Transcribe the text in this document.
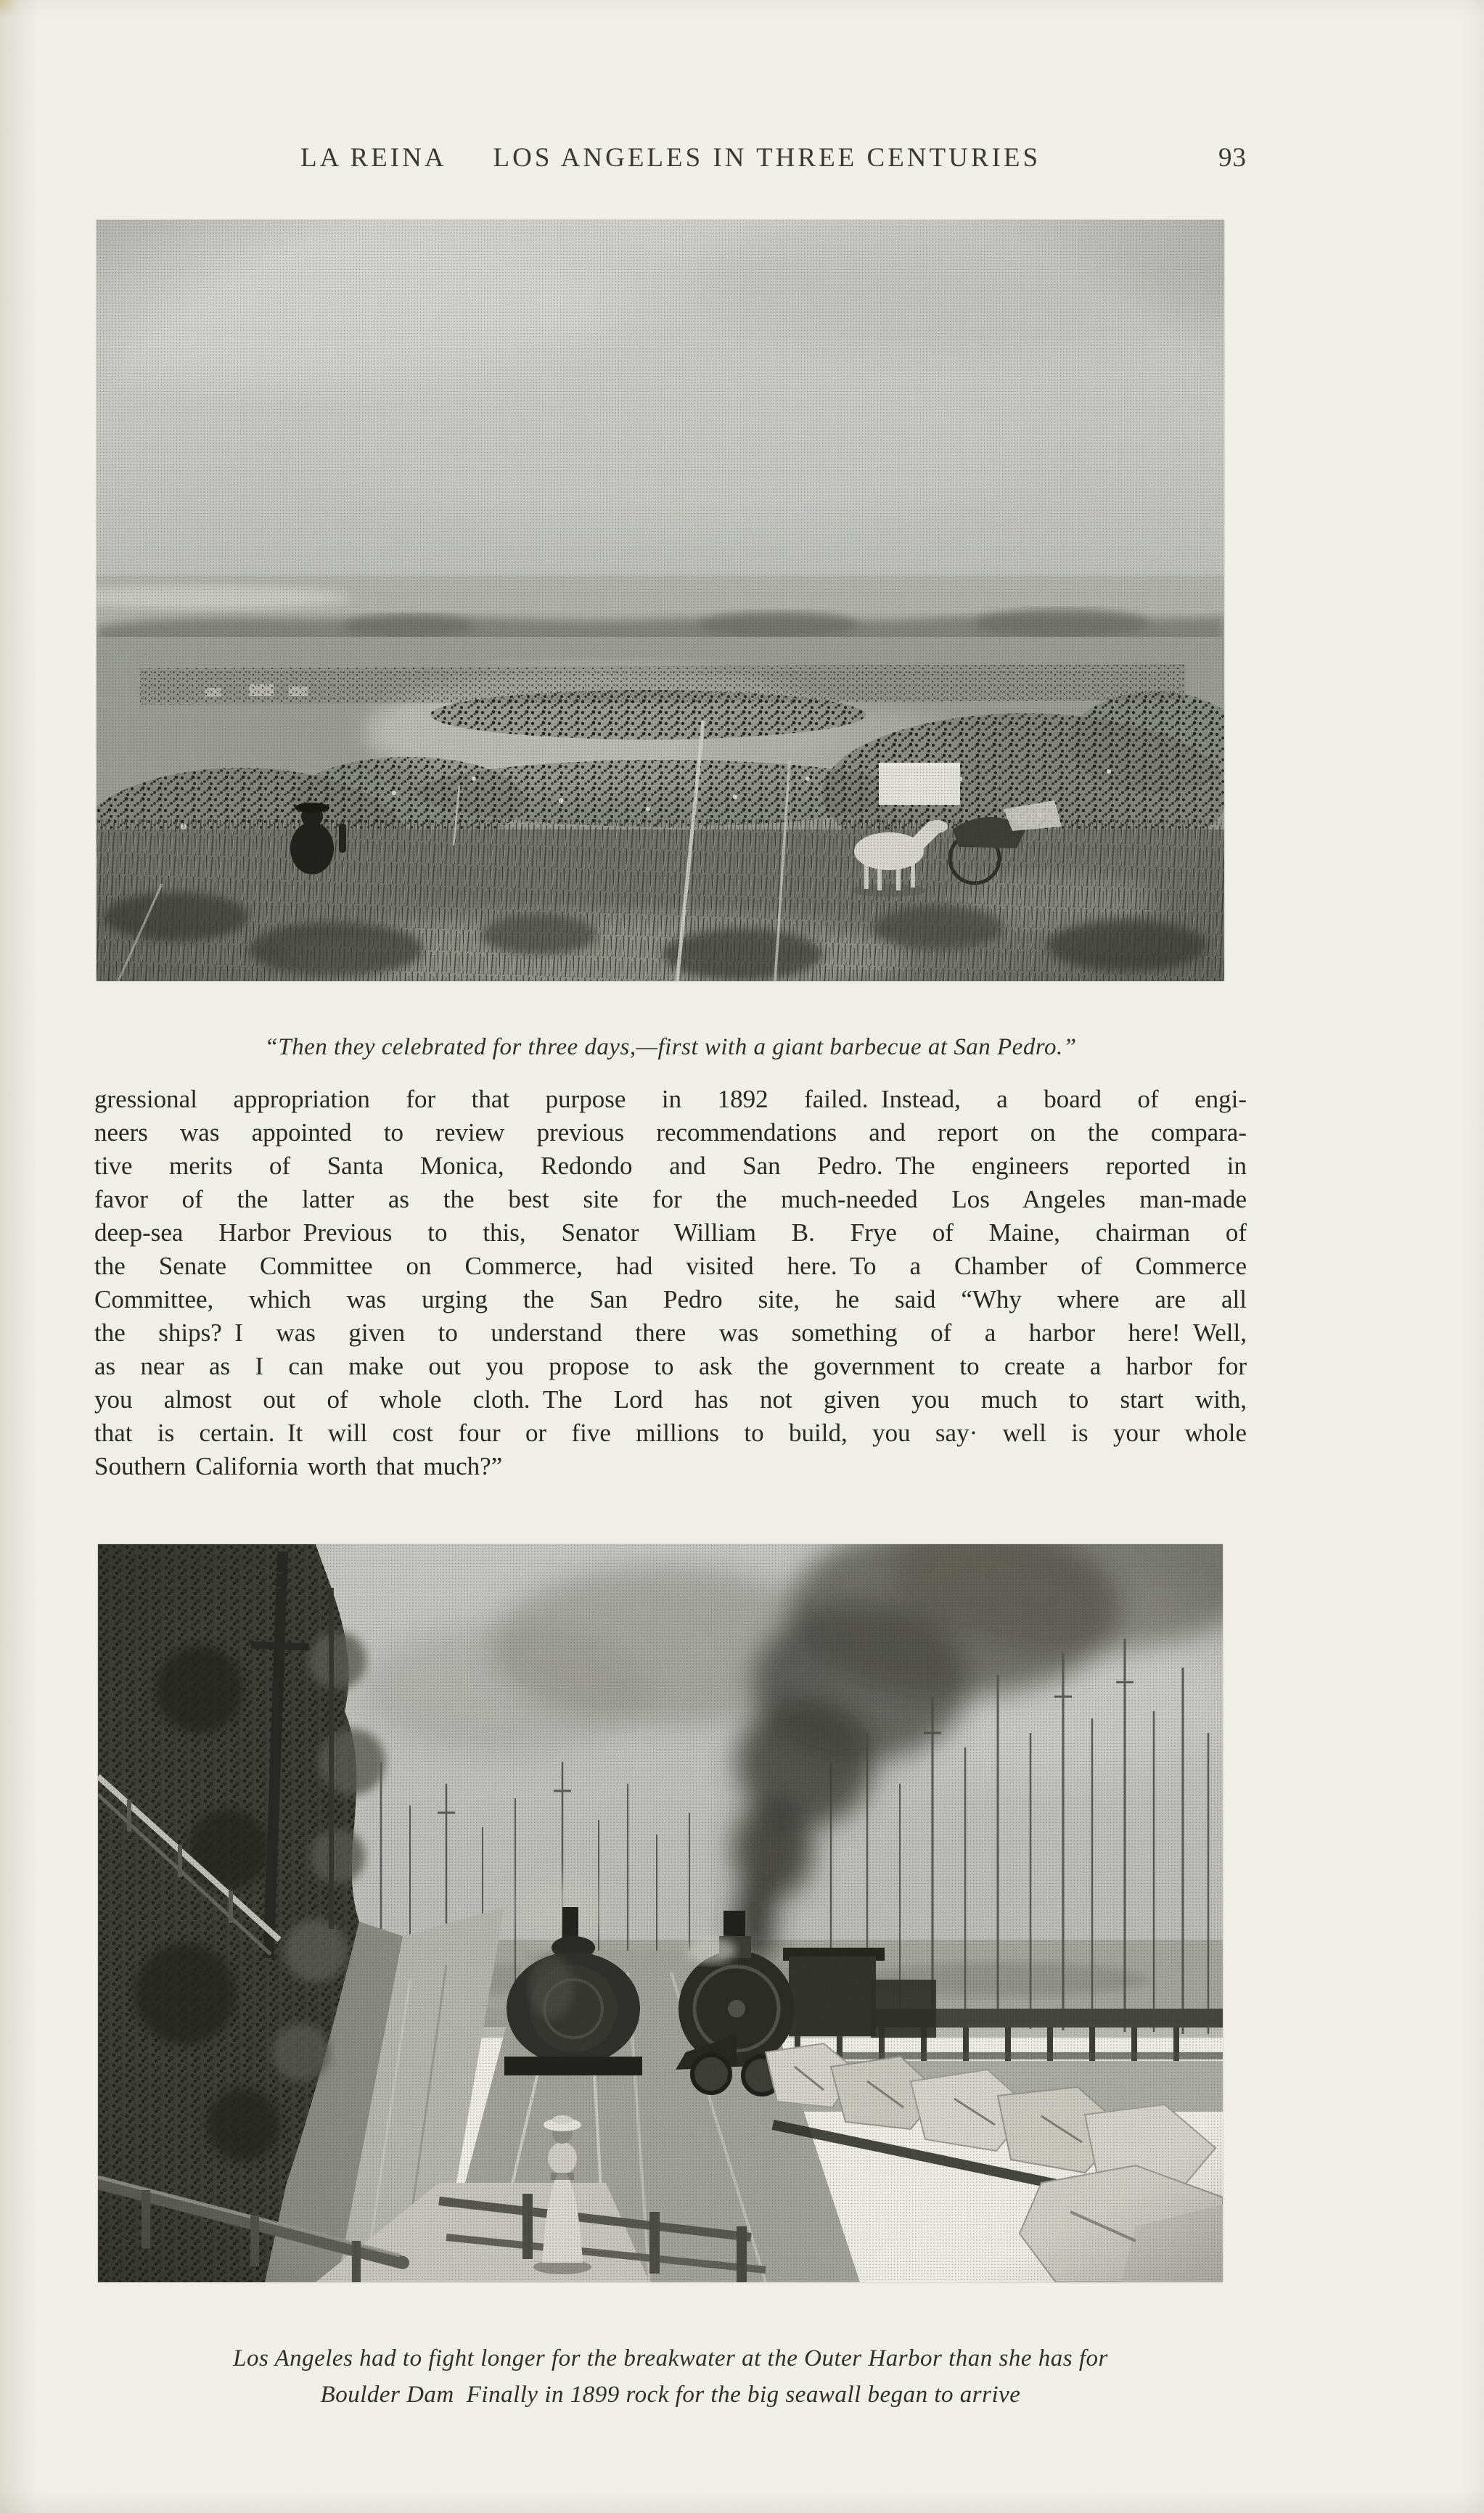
LA REINA LOS ANGELES IN THREE CENTURIES	93

“Then they celebrated for three days,—first with a giant barbecue at San Pedro.”

gressional appropriation for that purpose in 1892 failed. Instead, a board of engi-
neers was appointed to review previous recommendations and report on the compara-
tive merits of Santa Monica, Redondo and San Pedro. The engineers reported in
favor of the latter as the best site for the much-needed Los Angeles man-made
deep-sea Harbor Previous to this, Senator William B. Frye of Maine, chairman of
the Senate Committee on Commerce, had visited here. To a Chamber of Commerce
Committee, which was urging the San Pedro site, he said “Why where are all
the ships? I was given to understand there was something of a harbor here! Well,
as near as I can make out you propose to ask the government to create a harbor for
you almost out of whole cloth. The Lord has not given you much to start with,
that is certain. It will cost four or five millions to build, you say· well is your whole
Southern California worth that much?”

Los Angeles had to fight longer for the breakwater at the Outer Harbor than she has for
Boulder Dam Finally in 1899 rock for the big seawall began to arrive
